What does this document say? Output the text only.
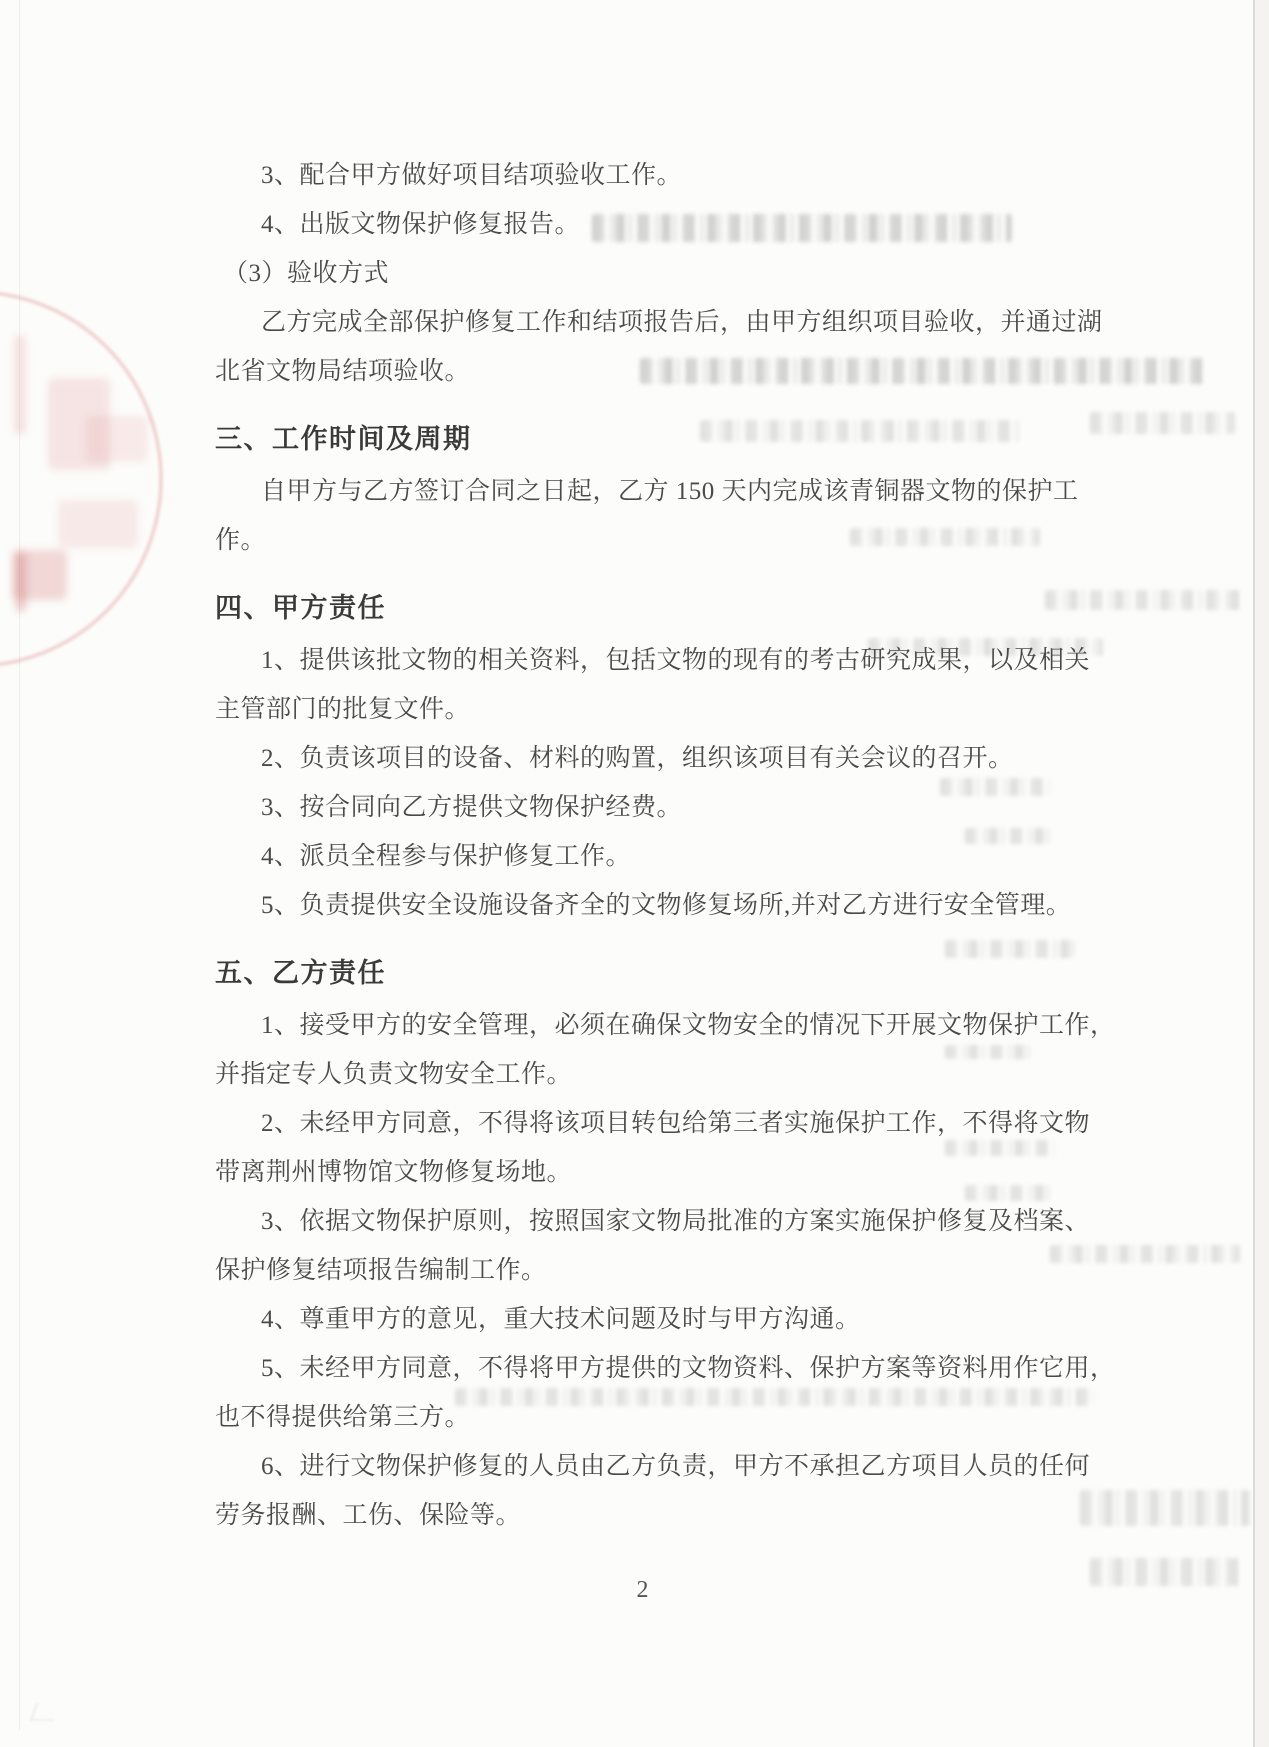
3、配合甲方做好项目结项验收工作。
4、出版文物保护修复报告。
（3）验收方式
乙方完成全部保护修复工作和结项报告后，由甲方组织项目验收，并通过湖
北省文物局结项验收。
三、工作时间及周期
自甲方与乙方签订合同之日起，乙方 150 天内完成该青铜器文物的保护工
作。
四、甲方责任
1、提供该批文物的相关资料，包括文物的现有的考古研究成果，以及相关
主管部门的批复文件。
2、负责该项目的设备、材料的购置，组织该项目有关会议的召开。
3、按合同向乙方提供文物保护经费。
4、派员全程参与保护修复工作。
5、负责提供安全设施设备齐全的文物修复场所,并对乙方进行安全管理。
五、乙方责任
1、接受甲方的安全管理，必须在确保文物安全的情况下开展文物保护工作，
并指定专人负责文物安全工作。
2、未经甲方同意，不得将该项目转包给第三者实施保护工作，不得将文物
带离荆州博物馆文物修复场地。
3、依据文物保护原则，按照国家文物局批准的方案实施保护修复及档案、
保护修复结项报告编制工作。
4、尊重甲方的意见，重大技术问题及时与甲方沟通。
5、未经甲方同意，不得将甲方提供的文物资料、保护方案等资料用作它用，
也不得提供给第三方。
6、进行文物保护修复的人员由乙方负责，甲方不承担乙方项目人员的任何
劳务报酬、工伤、保险等。
2
